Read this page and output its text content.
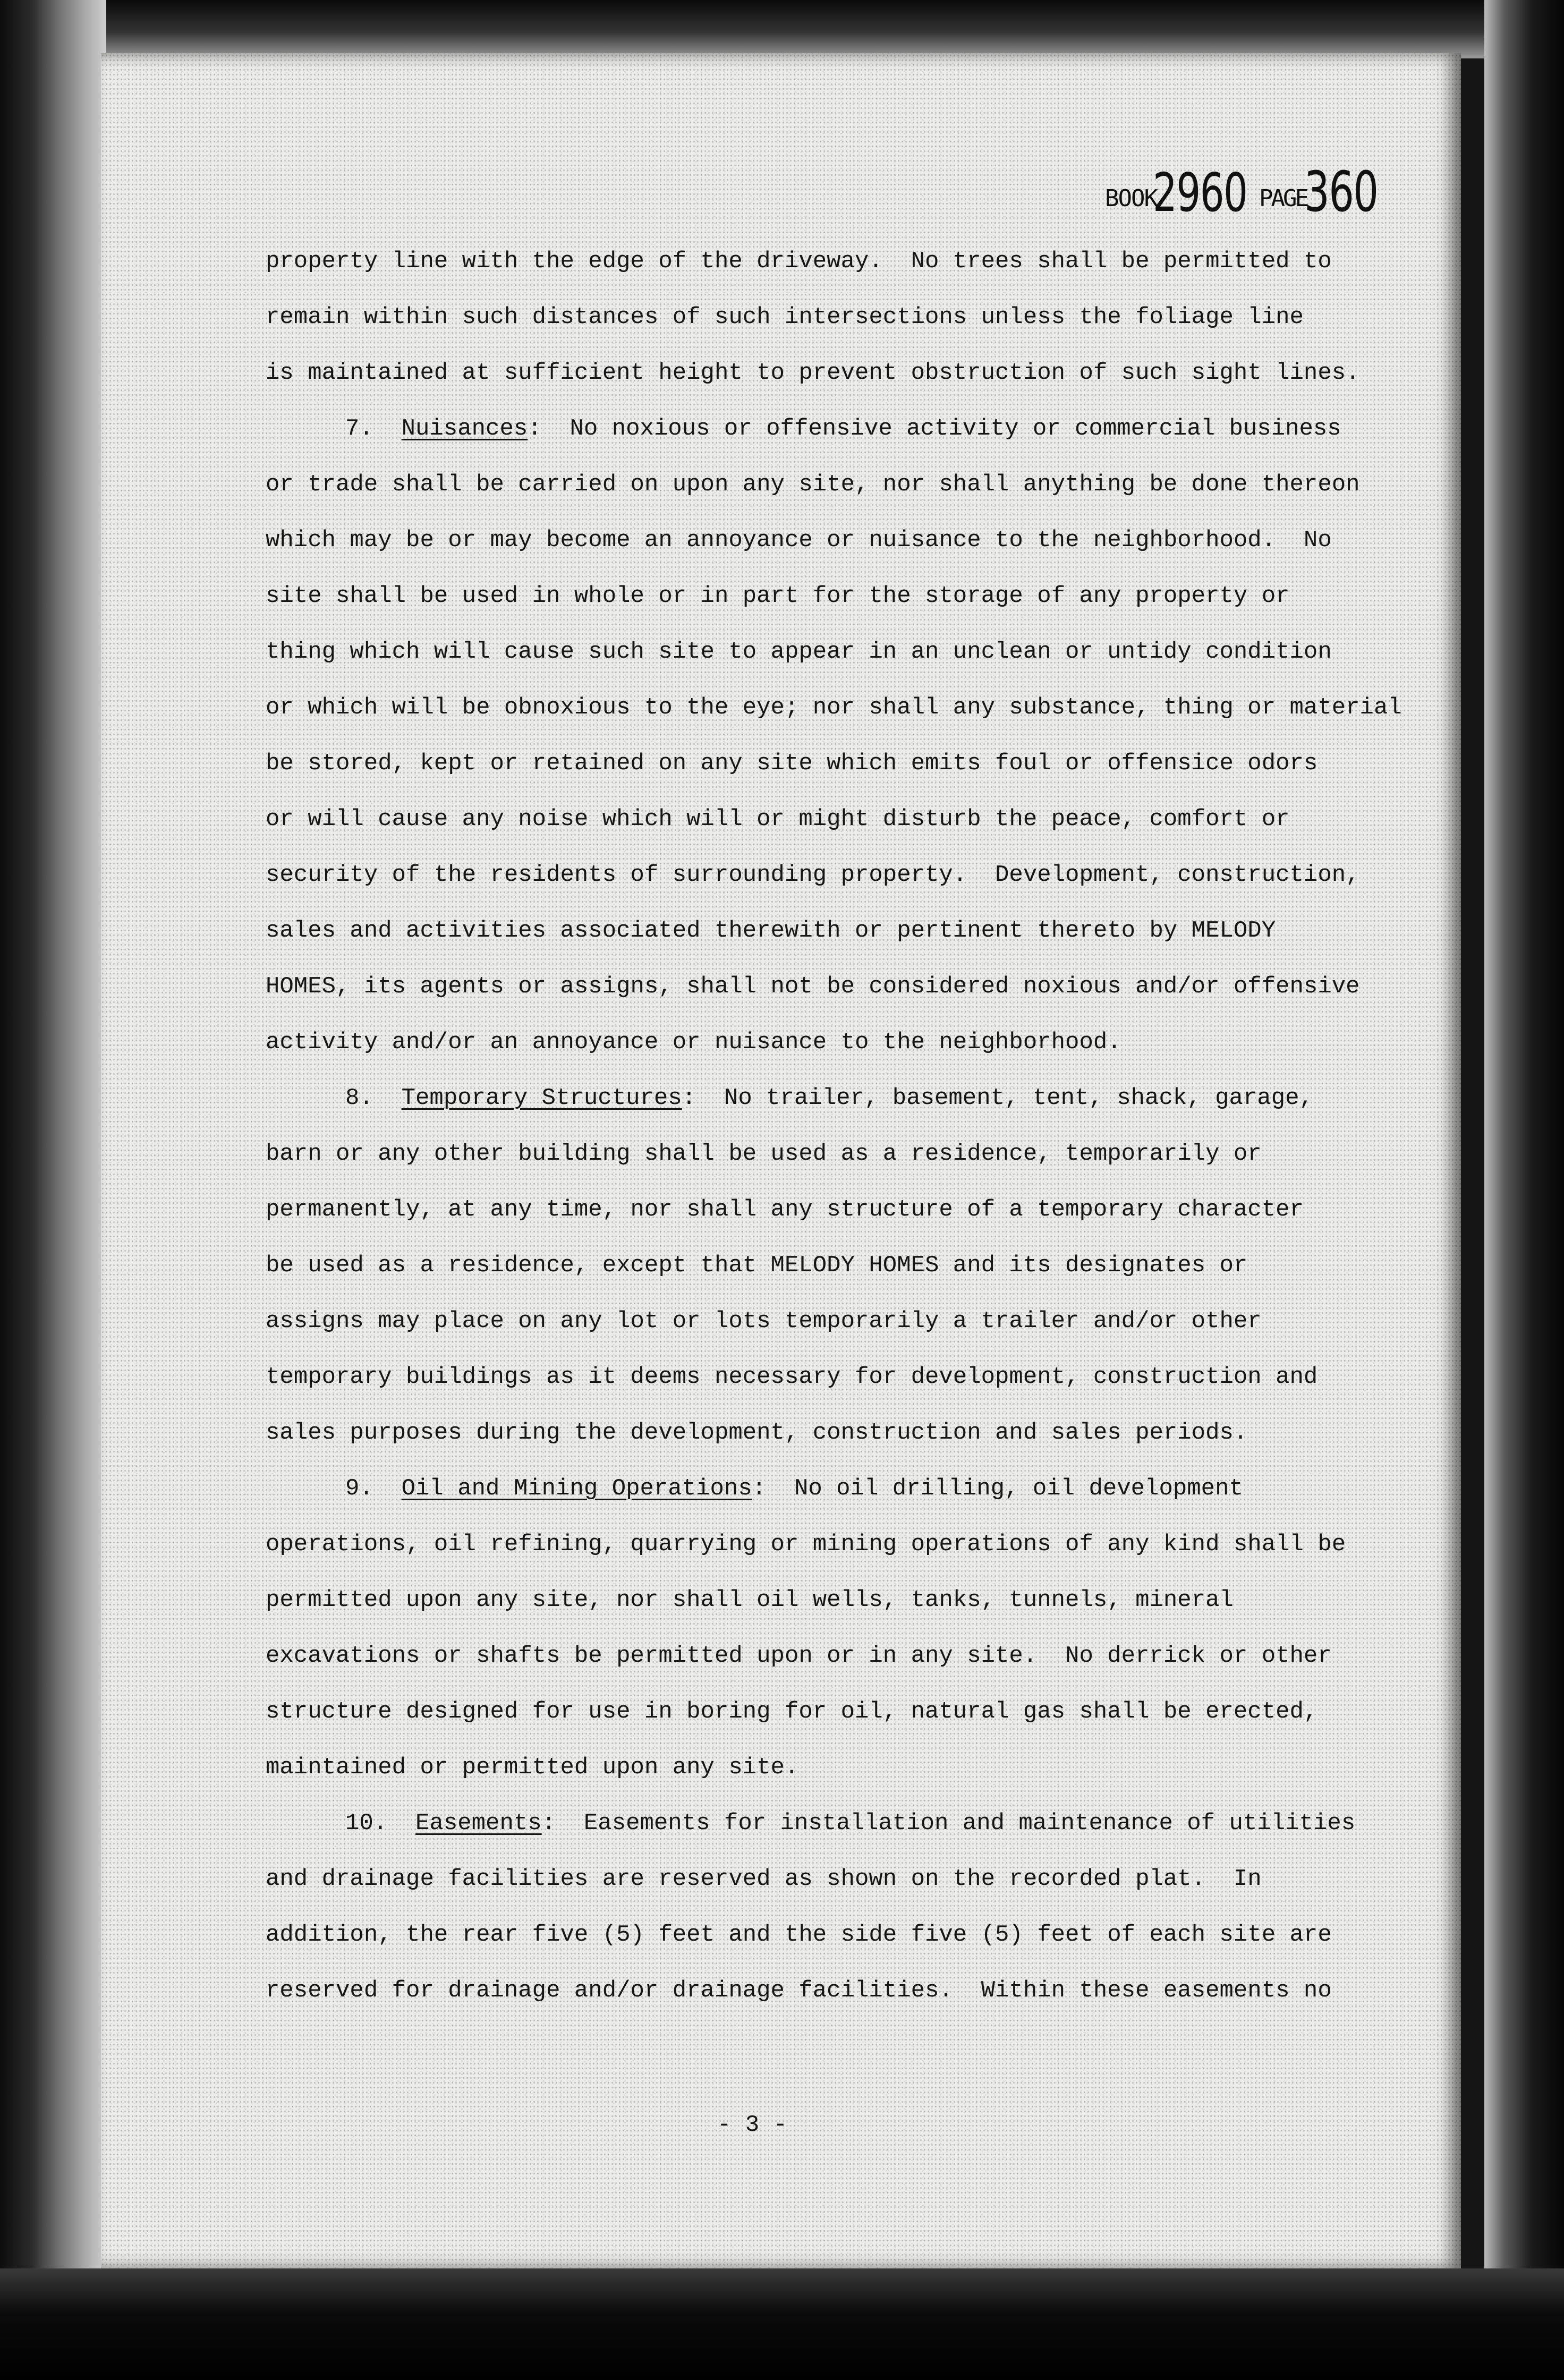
BOOK
2960 PAGE
360
property line with the edge of the driveway.  No trees shall be permitted to
remain within such distances of such intersections unless the foliage line
is maintained at sufficient height to prevent obstruction of such sight lines.
7. Nuisances:  No noxious or offensive activity or commercial business
or trade shall be carried on upon any site, nor shall anything be done thereon
which may be or may become an annoyance or nuisance to the neighborhood.  No
site shall be used in whole or in part for the storage of any property or
thing which will cause such site to appear in an unclean or untidy condition
or which will be obnoxious to the eye; nor shall any substance, thing or material
be stored, kept or retained on any site which emits foul or offensice odors
or will cause any noise which will or might disturb the peace, comfort or
security of the residents of surrounding property.  Development, construction,
sales and activities associated therewith or pertinent thereto by MELODY
HOMES, its agents or assigns, shall not be considered noxious and/or offensive
activity and/or an annoyance or nuisance to the neighborhood.
8. Temporary Structures:  No trailer, basement, tent, shack, garage,
barn or any other building shall be used as a residence, temporarily or
permanently, at any time, nor shall any structure of a temporary character
be used as a residence, except that MELODY HOMES and its designates or
assigns may place on any lot or lots temporarily a trailer and/or other
temporary buildings as it deems necessary for development, construction and
sales purposes during the development, construction and sales periods.
9. Oil and Mining Operations:  No oil drilling, oil development
operations, oil refining, quarrying or mining operations of any kind shall be
permitted upon any site, nor shall oil wells, tanks, tunnels, mineral
excavations or shafts be permitted upon or in any site.  No derrick or other
structure designed for use in boring for oil, natural gas shall be erected,
maintained or permitted upon any site.
10. Easements:  Easements for installation and maintenance of utilities
and drainage facilities are reserved as shown on the recorded plat.  In
addition, the rear five (5) feet and the side five (5) feet of each site are
reserved for drainage and/or drainage facilities.  Within these easements no
- 3 -
